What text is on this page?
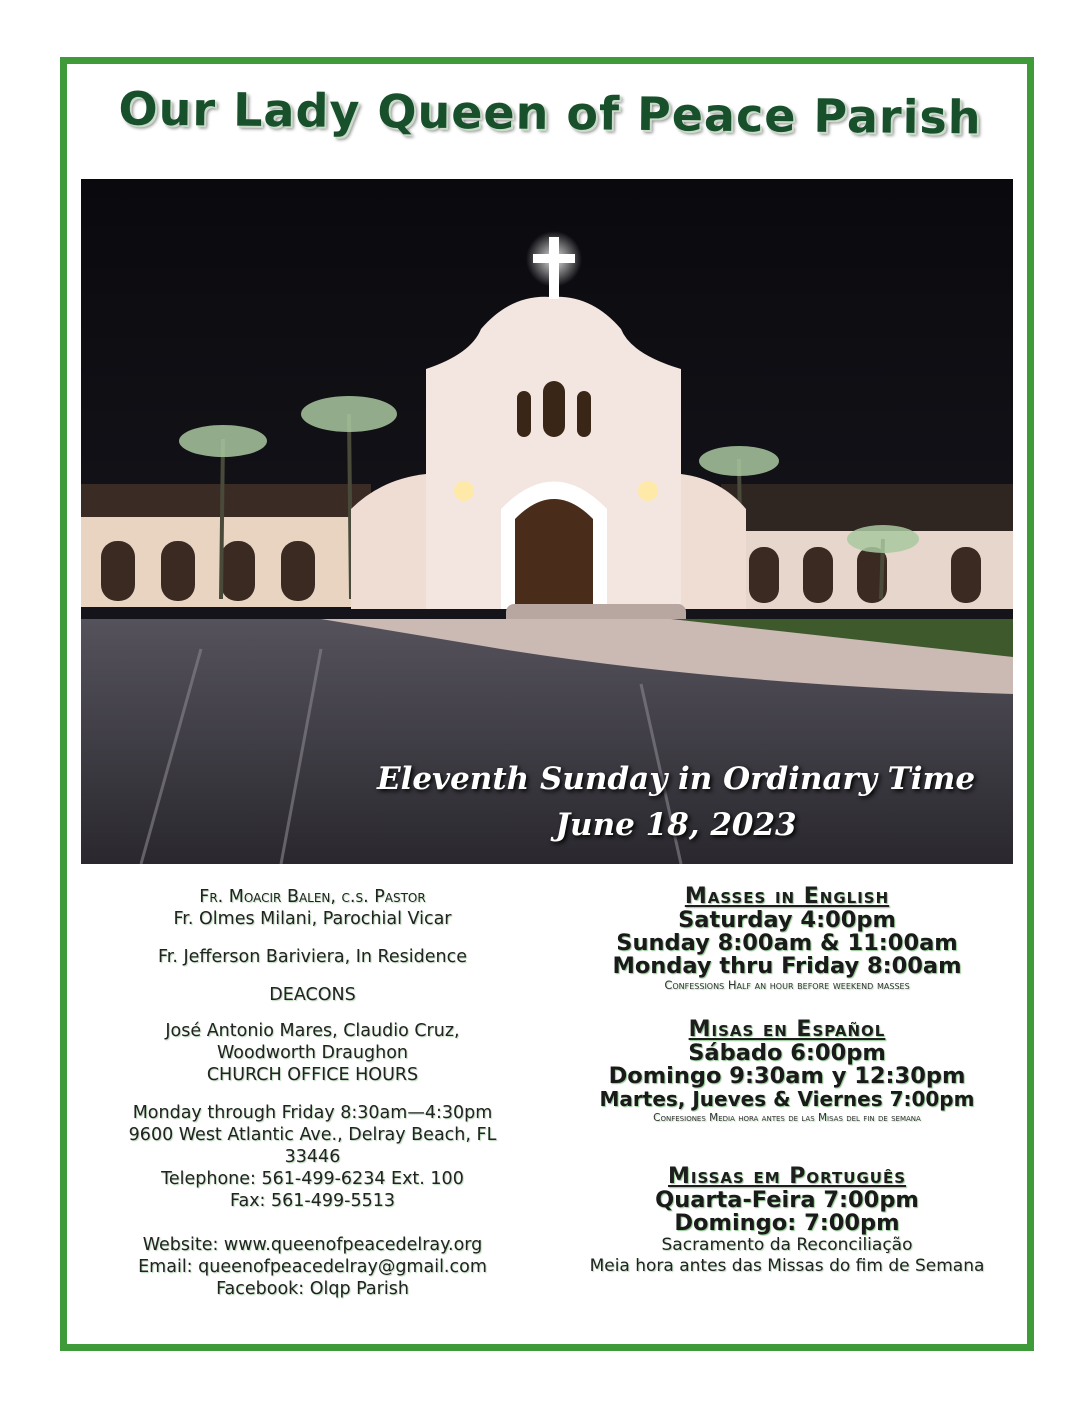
Our Lady Queen of Peace Parish
Eleventh Sunday in Ordinary Time
June 18, 2023

Fr. Moacir Balen, c.s. Pastor

Fr. Olmes Milani, Parochial Vicar

Fr. Jefferson Bariviera, In Residence

DEACONS

José Antonio Mares, Claudio Cruz,

Woodworth Draughon

CHURCH OFFICE HOURS

Monday through Friday 8:30am—4:30pm

9600 West Atlantic Ave., Delray Beach, FL

33446

Telephone: 561-499-6234 Ext. 100

Fax: 561-499-5513

Website: www.queenofpeacedelray.org

Email: queenofpeacedelray@gmail.com

Facebook: Olqp Parish

Masses in English
Saturday 4:00pm
Sunday 8:00am & 11:00am
Monday thru Friday 8:00am
Confessions Half an hour before weekend masses
Misas en Español
Sábado 6:00pm
Domingo 9:30am y 12:30pm
Martes, Jueves & Viernes 7:00pm
Confesiones Media hora antes de las Misas del fin de semana
Missas em Português
Quarta-Feira 7:00pm
Domingo: 7:00pm
Sacramento da Reconciliação
Meia hora antes das Missas do fim de Semana
